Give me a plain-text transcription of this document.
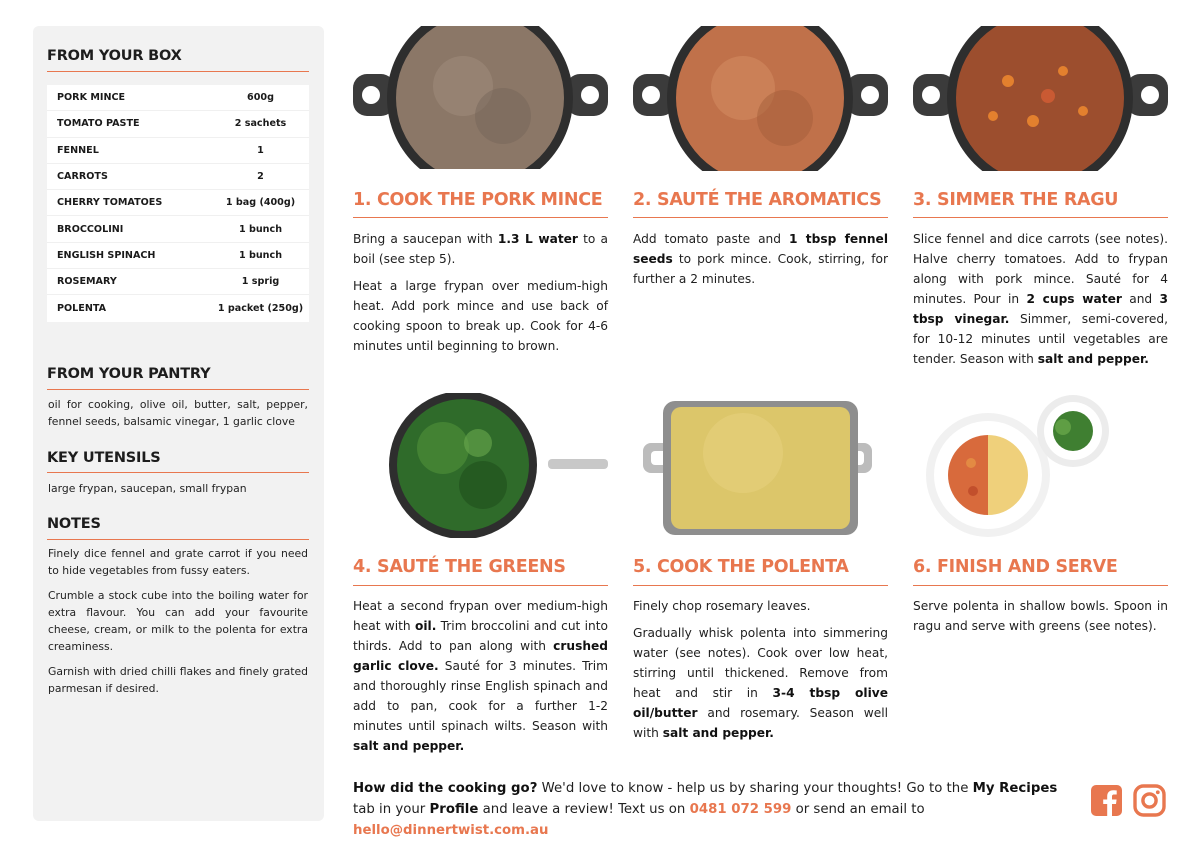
FROM YOUR BOX
PORK MINCE	600g
TOMATO PASTE	2 sachets
FENNEL	1
CARROTS	2
CHERRY TOMATOES	1 bag (400g)
BROCCOLINI	1 bunch
ENGLISH SPINACH	1 bunch
ROSEMARY	1 sprig
POLENTA	1 packet (250g)
FROM YOUR PANTRY
oil for cooking, olive oil, butter, salt, pepper, fennel seeds, balsamic vinegar, 1 garlic clove
KEY UTENSILS
large frypan, saucepan, small frypan
NOTES

Finely dice fennel and grate carrot if you need to hide vegetables from fussy eaters.

Crumble a stock cube into the boiling water for extra flavour. You can add your favourite cheese, cream, or milk to the polenta for extra creaminess.

Garnish with dried chilli flakes and finely grated parmesan if desired.

1. COOK THE PORK MINCE

Bring a saucepan with 1.3 L water to a boil (see step 5).

Heat a large frypan over medium-high heat. Add pork mince and use back of cooking spoon to break up. Cook for 4-6 minutes until beginning to brown.

2. SAUTÉ THE AROMATICS

Add tomato paste and 1 tbsp fennel seeds to pork mince. Cook, stirring, for further a 2 minutes.

3. SIMMER THE RAGU

Slice fennel and dice carrots (see notes). Halve cherry tomatoes. Add to frypan along with pork mince. Sauté for 4 minutes. Pour in 2 cups water and 3 tbsp vinegar. Simmer, semi-covered, for 10-12 minutes until vegetables are tender. Season with salt and pepper.

4. SAUTÉ THE GREENS

Heat a second frypan over medium-high heat with oil. Trim broccolini and cut into thirds. Add to pan along with crushed garlic clove. Sauté for 3 minutes. Trim and thoroughly rinse English spinach and add to pan, cook for a further 1-2 minutes until spinach wilts. Season with salt and pepper.

5. COOK THE POLENTA

Finely chop rosemary leaves.

Gradually whisk polenta into simmering water (see notes). Cook over low heat, stirring until thickened. Remove from heat and stir in 3-4 tbsp olive oil/butter and rosemary. Season well with salt and pepper.

6. FINISH AND SERVE

Serve polenta in shallow bowls. Spoon in ragu and serve with greens (see notes).

How did the cooking go? We'd love to know - help us by sharing your thoughts! Go to the My Recipes tab in your Profile and leave a review! Text us on 0481 072 599 or send an email to hello@dinnertwist.com.au
